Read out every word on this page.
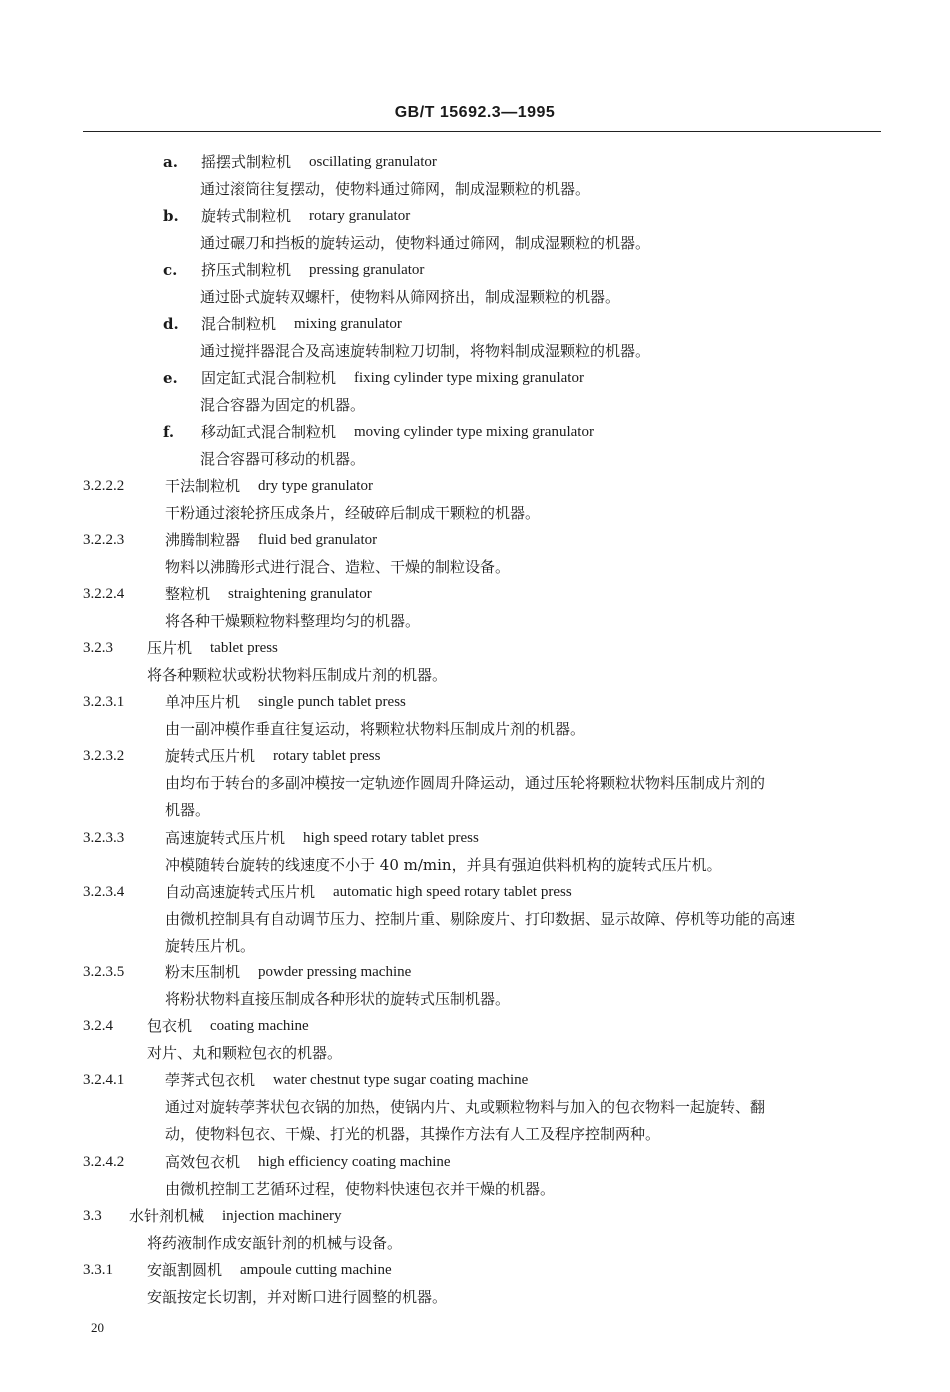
GB/T 15692.3—1995
a. 摇摆式制粒机 oscillating granulator
通过滚筒往复摆动，使物料通过筛网，制成湿颗粒的机器。
b. 旋转式制粒机 rotary granulator
通过碾刀和挡板的旋转运动，使物料通过筛网，制成湿颗粒的机器。
c. 挤压式制粒机 pressing granulator
通过卧式旋转双螺杆，使物料从筛网挤出，制成湿颗粒的机器。
d. 混合制粒机 mixing granulator
通过搅拌器混合及高速旋转制粒刀切制，将物料制成湿颗粒的机器。
e. 固定缸式混合制粒机 fixing cylinder type mixing granulator
混合容器为固定的机器。
f. 移动缸式混合制粒机 moving cylinder type mixing granulator
混合容器可移动的机器。
3.2.2.2	干法制粒机 dry type granulator
干粉通过滚轮挤压成条片，经破碎后制成干颗粒的机器。
3.2.2.3	沸腾制粒器 fluid bed granulator
物料以沸腾形式进行混合、造粒、干燥的制粒设备。
3.2.2.4	整粒机 straightening granulator
将各种干燥颗粒物料整理均匀的机器。
3.2.3 压片机 tablet press
将各种颗粒状或粉状物料压制成片剂的机器。
3.2.3.1	单冲压片机 single punch tablet press
由一副冲模作垂直往复运动，将颗粒状物料压制成片剂的机器。
3.2.3.2	旋转式压片机 rotary tablet press
由均布于转台的多副冲模按一定轨迹作圆周升降运动，通过压轮将颗粒状物料压制成片剂的
机器。
3.2.3.3	高速旋转式压片机 high speed rotary tablet press
冲模随转台旋转的线速度不小于 40 m/min，并具有强迫供料机构的旋转式压片机。
3.2.3.4	自动高速旋转式压片机 automatic high speed rotary tablet press
由微机控制具有自动调节压力、控制片重、剔除废片、打印数据、显示故障、停机等功能的高速
旋转压片机。
3.2.3.5	粉末压制机 powder pressing machine
将粉状物料直接压制成各种形状的旋转式压制机器。
3.2.4 包衣机 coating machine
对片、丸和颗粒包衣的机器。
3.2.4.1	荸荠式包衣机 water chestnut type sugar coating machine
通过对旋转荸荠状包衣锅的加热，使锅内片、丸或颗粒物料与加入的包衣物料一起旋转、翻
动，使物料包衣、干燥、打光的机器，其操作方法有人工及程序控制两种。
3.2.4.2	高效包衣机 high efficiency coating machine
由微机控制工艺循环过程，使物料快速包衣并干燥的机器。
3.3 水针剂机械 injection machinery
将药液制作成安瓿针剂的机械与设备。
3.3.1 安瓿割圆机 ampoule cutting machine
安瓿按定长切割，并对断口进行圆整的机器。
20
